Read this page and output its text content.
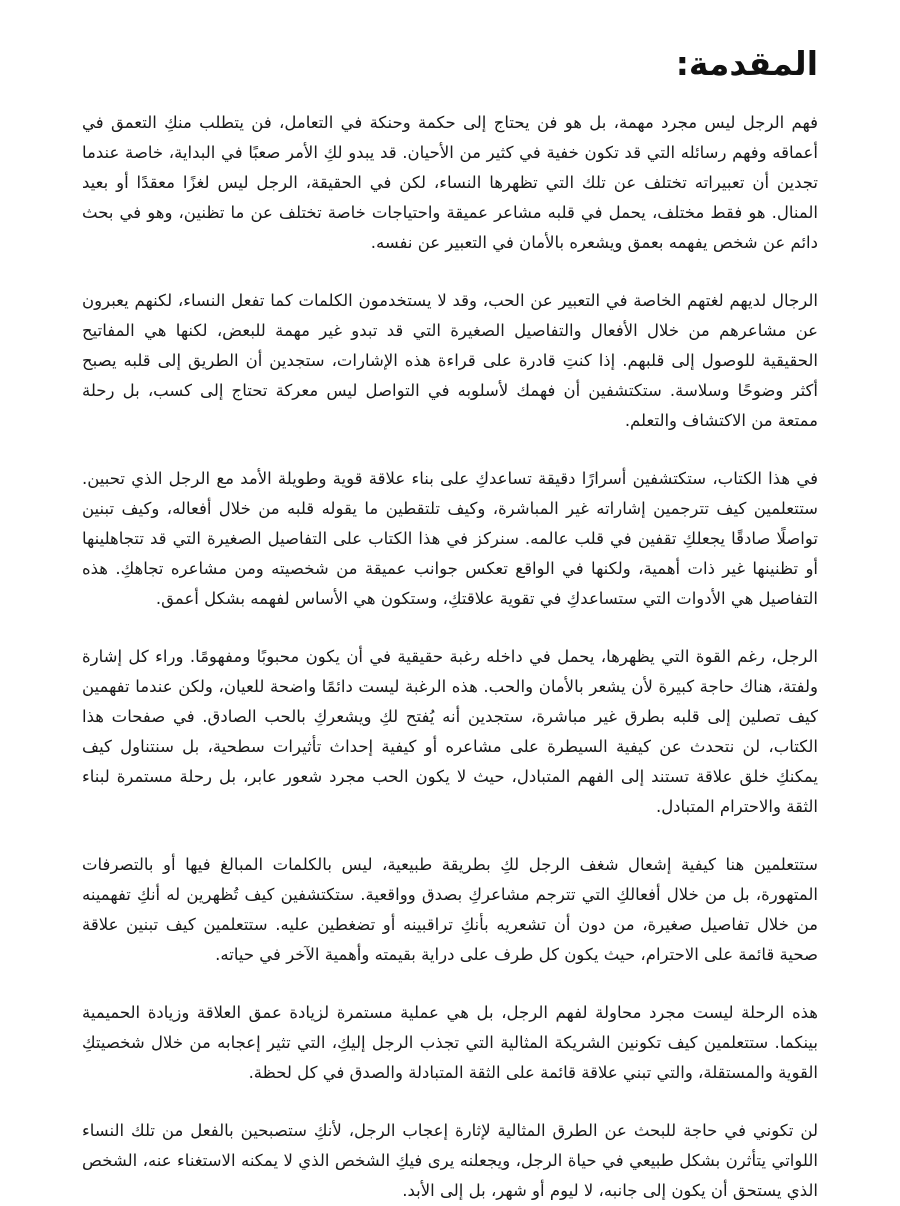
المقدمة:

فهم الرجل ليس مجرد مهمة، بل هو فن يحتاج إلى حكمة وحنكة في التعامل، فن يتطلب منكِ التعمق في أعماقه وفهم رسائله التي قد تكون خفية في كثير من الأحيان. قد يبدو لكِ الأمر صعبًا في البداية، خاصة عندما تجدين أن تعبيراته تختلف عن تلك التي تظهرها النساء، لكن في الحقيقة، الرجل ليس لغزًا معقدًا أو بعيد المنال. هو فقط مختلف، يحمل في قلبه مشاعر عميقة واحتياجات خاصة تختلف عن ما تظنين، وهو في بحث دائم عن شخص يفهمه بعمق ويشعره بالأمان في التعبير عن نفسه.

الرجال لديهم لغتهم الخاصة في التعبير عن الحب، وقد لا يستخدمون الكلمات كما تفعل النساء، لكنهم يعبرون عن مشاعرهم من خلال الأفعال والتفاصيل الصغيرة التي قد تبدو غير مهمة للبعض، لكنها هي المفاتيح الحقيقية للوصول إلى قلبهم. إذا كنتِ قادرة على قراءة هذه الإشارات، ستجدين أن الطريق إلى قلبه يصبح أكثر وضوحًا وسلاسة. ستكتشفين أن فهمك لأسلوبه في التواصل ليس معركة تحتاج إلى كسب، بل رحلة ممتعة من الاكتشاف والتعلم.

في هذا الكتاب، ستكتشفين أسرارًا دقيقة تساعدكِ على بناء علاقة قوية وطويلة الأمد مع الرجل الذي تحبين. ستتعلمين كيف تترجمين إشاراته غير المباشرة، وكيف تلتقطين ما يقوله قلبه من خلال أفعاله، وكيف تبنين تواصلًا صادقًا يجعلكِ تقفين في قلب عالمه. سنركز في هذا الكتاب على التفاصيل الصغيرة التي قد تتجاهلينها أو تظنينها غير ذات أهمية، ولكنها في الواقع تعكس جوانب عميقة من شخصيته ومن مشاعره تجاهكِ. هذه التفاصيل هي الأدوات التي ستساعدكِ في تقوية علاقتكِ، وستكون هي الأساس لفهمه بشكل أعمق.

الرجل، رغم القوة التي يظهرها، يحمل في داخله رغبة حقيقية في أن يكون محبوبًا ومفهومًا. وراء كل إشارة ولفتة، هناك حاجة كبيرة لأن يشعر بالأمان والحب. هذه الرغبة ليست دائمًا واضحة للعيان، ولكن عندما تفهمين كيف تصلين إلى قلبه بطرق غير مباشرة، ستجدين أنه يُفتح لكِ ويشعركِ بالحب الصادق. في صفحات هذا الكتاب، لن نتحدث عن كيفية السيطرة على مشاعره أو كيفية إحداث تأثيرات سطحية، بل سنتناول كيف يمكنكِ خلق علاقة تستند إلى الفهم المتبادل، حيث لا يكون الحب مجرد شعور عابر، بل رحلة مستمرة لبناء الثقة والاحترام المتبادل.

ستتعلمين هنا كيفية إشعال شغف الرجل لكِ بطريقة طبيعية، ليس بالكلمات المبالغ فيها أو بالتصرفات المتهورة، بل من خلال أفعالكِ التي تترجم مشاعركِ بصدق وواقعية. ستكتشفين كيف تُظهرين له أنكِ تفهمينه من خلال تفاصيل صغيرة، من دون أن تشعريه بأنكِ تراقبينه أو تضغطين عليه. ستتعلمين كيف تبنين علاقة صحية قائمة على الاحترام، حيث يكون كل طرف على دراية بقيمته وأهمية الآخر في حياته.

هذه الرحلة ليست مجرد محاولة لفهم الرجل، بل هي عملية مستمرة لزيادة عمق العلاقة وزيادة الحميمية بينكما. ستتعلمين كيف تكونين الشريكة المثالية التي تجذب الرجل إليكِ، التي تثير إعجابه من خلال شخصيتكِ القوية والمستقلة، والتي تبني علاقة قائمة على الثقة المتبادلة والصدق في كل لحظة.

لن تكوني في حاجة للبحث عن الطرق المثالية لإثارة إعجاب الرجل، لأنكِ ستصبحين بالفعل من تلك النساء اللواتي يتأثرن بشكل طبيعي في حياة الرجل، ويجعلنه يرى فيكِ الشخص الذي لا يمكنه الاستغناء عنه، الشخص الذي يستحق أن يكون إلى جانبه، لا ليوم أو شهر، بل إلى الأبد.
